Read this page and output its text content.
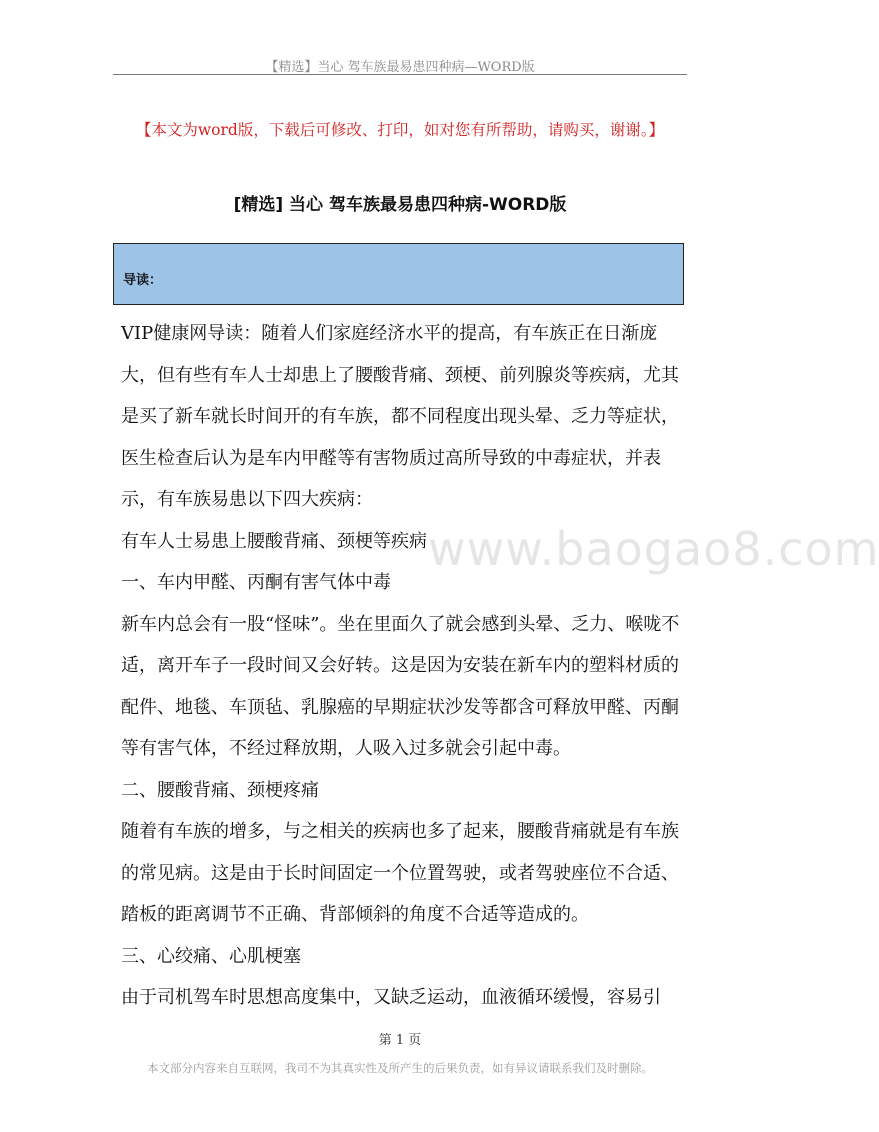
【精选】当心 驾车族最易患四种病—WORD版
【本文为word版，下载后可修改、打印，如对您有所帮助，请购买，谢谢。】
[精选] 当心 驾车族最易患四种病-WORD版
导读：

VIP健康网导读：随着人们家庭经济水平的提高，有车族正在日渐庞大，但有些有车人士却患上了腰酸背痛、颈梗、前列腺炎等疾病，尤其是买了新车就长时间开的有车族，都不同程度出现头晕、乏力等症状，医生检查后认为是车内甲醛等有害物质过高所导致的中毒症状，并表示，有车族易患以下四大疾病：

有车人士易患上腰酸背痛、颈梗等疾病

一、车内甲醛、丙酮有害气体中毒

新车内总会有一股“怪味”。坐在里面久了就会感到头晕、乏力、喉咙不适，离开车子一段时间又会好转。这是因为安装在新车内的塑料材质的配件、地毯、车顶毡、乳腺癌的早期症状沙发等都含可释放甲醛、丙酮等有害气体，不经过释放期，人吸入过多就会引起中毒。

二、腰酸背痛、颈梗疼痛

随着有车族的增多，与之相关的疾病也多了起来，腰酸背痛就是有车族的常见病。这是由于长时间固定一个位置驾驶，或者驾驶座位不合适、踏板的距离调节不正确、背部倾斜的角度不合适等造成的。

三、心绞痛、心肌梗塞

由于司机驾车时思想高度集中，又缺乏运动，血液循环缓慢，容易引

www.baogao8.com
第 1 页
本文部分内容来自互联网，我司不为其真实性及所产生的后果负责，如有异议请联系我们及时删除。
